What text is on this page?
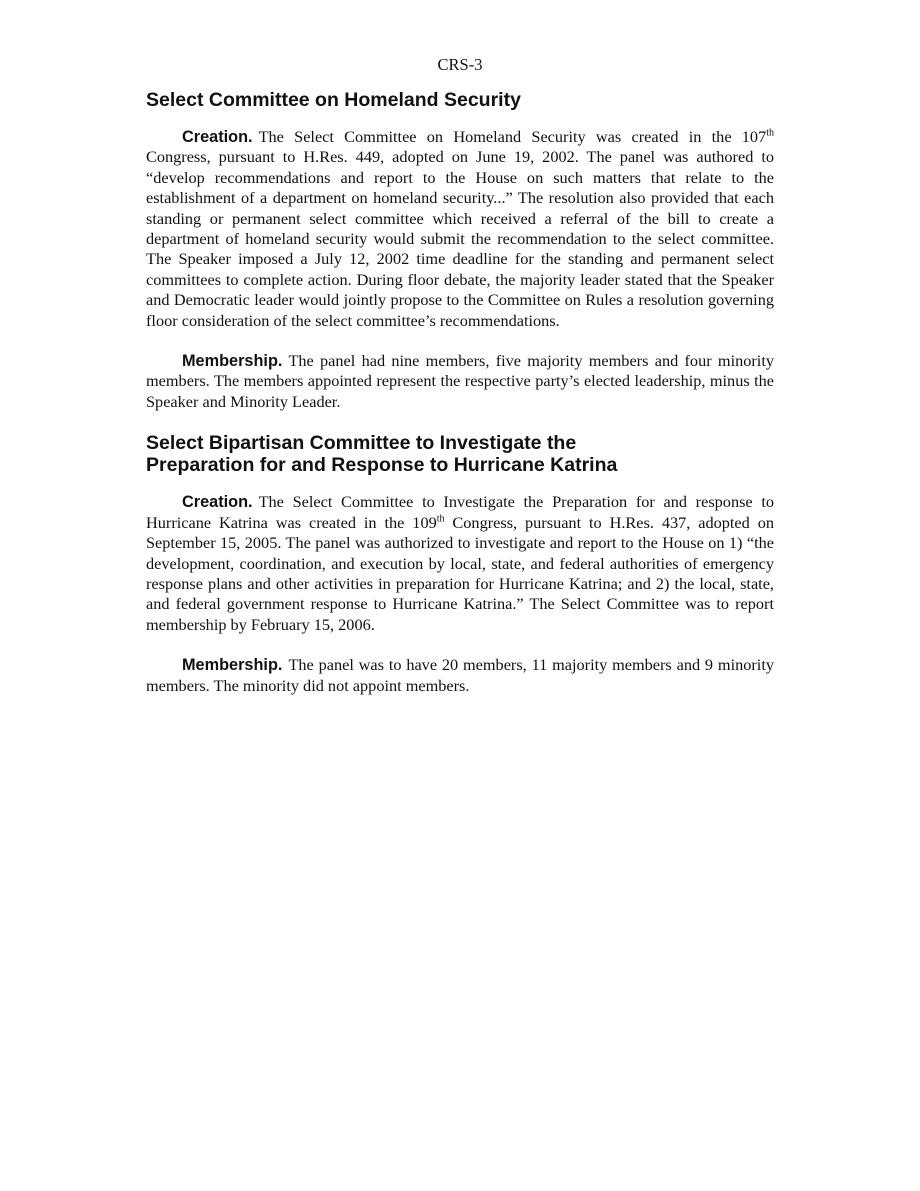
CRS-3
Select Committee on Homeland Security

Creation. The Select Committee on Homeland Security was created in the 107th Congress, pursuant to H.Res. 449, adopted on June 19, 2002. The panel was authored to “develop recommendations and report to the House on such matters that relate to the establishment of a department on homeland security...” The resolution also provided that each standing or permanent select committee which received a referral of the bill to create a department of homeland security would submit the recommendation to the select committee. The Speaker imposed a July 12, 2002 time deadline for the standing and permanent select committees to complete action. During floor debate, the majority leader stated that the Speaker and Democratic leader would jointly propose to the Committee on Rules a resolution governing floor consideration of the select committee’s recommendations.

Membership. The panel had nine members, five majority members and four minority members. The members appointed represent the respective party’s elected leadership, minus the Speaker and Minority Leader.

Select Bipartisan Committee to Investigate the
Preparation for and Response to Hurricane Katrina

Creation. The Select Committee to Investigate the Preparation for and response to Hurricane Katrina was created in the 109th Congress, pursuant to H.Res. 437, adopted on September 15, 2005. The panel was authorized to investigate and report to the House on 1) “the development, coordination, and execution by local, state, and federal authorities of emergency response plans and other activities in preparation for Hurricane Katrina; and 2) the local, state, and federal government response to Hurricane Katrina.” The Select Committee was to report membership by February 15, 2006.

Membership. The panel was to have 20 members, 11 majority members and 9 minority members. The minority did not appoint members.
